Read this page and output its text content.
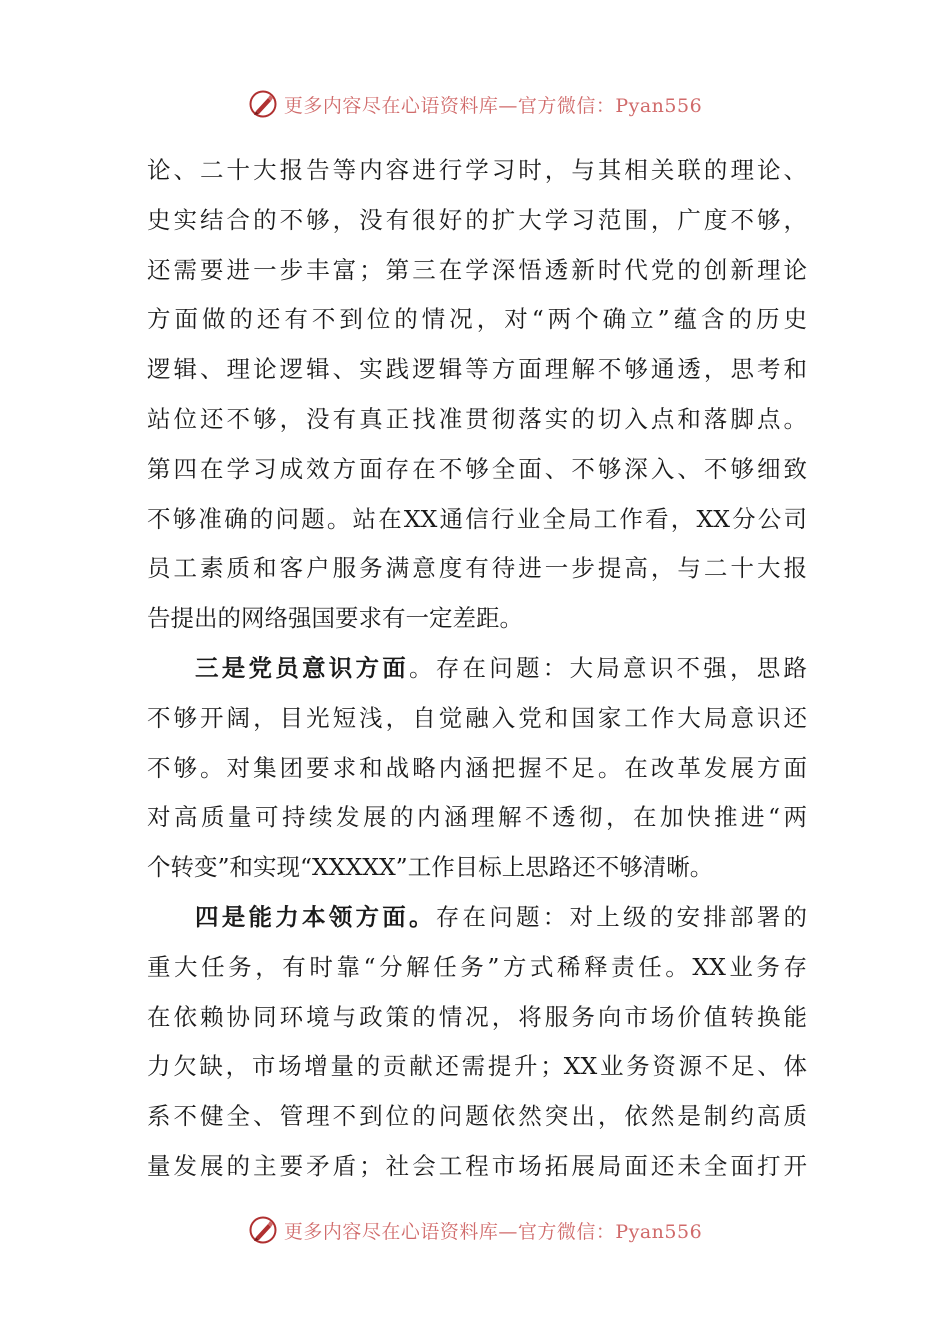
更多内容尽在心语资料库—官方微信：Pyan556
论、二十大报告等内容进行学习时，与其相关联的理论、
史实结合的不够，没有很好的扩大学习范围，广度不够，
还需要进一步丰富；第三在学深悟透新时代党的创新理论
方面做的还有不到位的情况，对“两个确立”蕴含的历史
逻辑、理论逻辑、实践逻辑等方面理解不够通透，思考和
站位还不够，没有真正找准贯彻落实的切入点和落脚点。
第四在学习成效方面存在不够全面、不够深入、不够细致
不够准确的问题。站在XX通信行业全局工作看，XX分公司
员工素质和客户服务满意度有待进一步提高，与二十大报
告提出的网络强国要求有一定差距。
三是党员意识方面。存在问题：大局意识不强，思路
不够开阔，目光短浅，自觉融入党和国家工作大局意识还
不够。对集团要求和战略内涵把握不足。在改革发展方面
对高质量可持续发展的内涵理解不透彻，在加快推进“两
个转变”和实现“XXXXX”工作目标上思路还不够清晰。
四是能力本领方面。存在问题：对上级的安排部署的
重大任务，有时靠“分解任务”方式稀释责任。XX业务存
在依赖协同环境与政策的情况，将服务向市场价值转换能
力欠缺，市场增量的贡献还需提升；XX业务资源不足、体
系不健全、管理不到位的问题依然突出，依然是制约高质
量发展的主要矛盾；社会工程市场拓展局面还未全面打开
更多内容尽在心语资料库—官方微信：Pyan556
